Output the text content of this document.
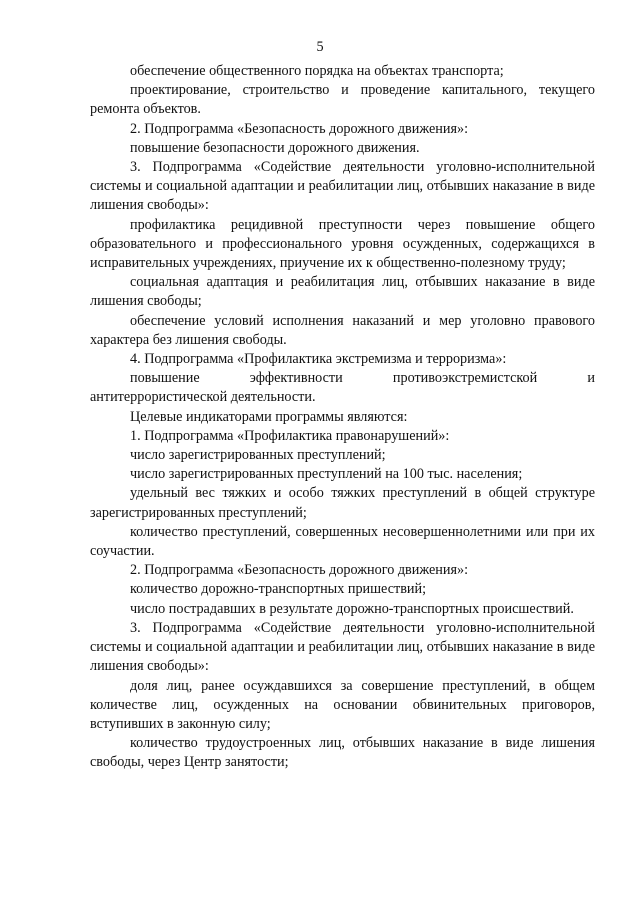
5

обеспечение общественного порядка на объектах транспорта;

проектирование, строительство и проведение капитального, текущего ремонта объектов.

2. Подпрограмма «Безопасность дорожного движения»:

повышение безопасности дорожного движения.

3. Подпрограмма «Содействие деятельности уголовно-исполнительной системы и социальной адаптации и реабилитации лиц, отбывших наказание в виде лишения свободы»:

профилактика рецидивной преступности через повышение общего образовательного и профессионального уровня осужденных, содержащихся в исправительных учреждениях, приучение их к общественно-полезному труду;

социальная адаптация и реабилитация лиц, отбывших наказание в виде лишения свободы;

обеспечение условий исполнения наказаний и мер уголовно правового характера без лишения свободы.

4. Подпрограмма «Профилактика экстремизма и терроризма»:

повышение эффективности противоэкстремистской и антитеррористической деятельности.

Целевые индикаторами программы являются:

1. Подпрограмма «Профилактика правонарушений»:

число зарегистрированных преступлений;

число зарегистрированных преступлений на 100 тыс. населения;

удельный вес тяжких и особо тяжких преступлений в общей структуре зарегистрированных преступлений;

количество преступлений, совершенных несовершеннолетними или при их соучастии.

2. Подпрограмма «Безопасность дорожного движения»:

количество дорожно-транспортных пришествий;

число пострадавших в результате дорожно-транспортных происшествий.

3. Подпрограмма «Содействие деятельности уголовно-исполнительной системы и социальной адаптации и реабилитации лиц, отбывших наказание в виде лишения свободы»:

доля лиц, ранее осуждавшихся за совершение преступлений, в общем количестве лиц, осужденных на основании обвинительных приговоров, вступивших в законную силу;

количество трудоустроенных лиц, отбывших наказание в виде лишения свободы, через Центр занятости;
